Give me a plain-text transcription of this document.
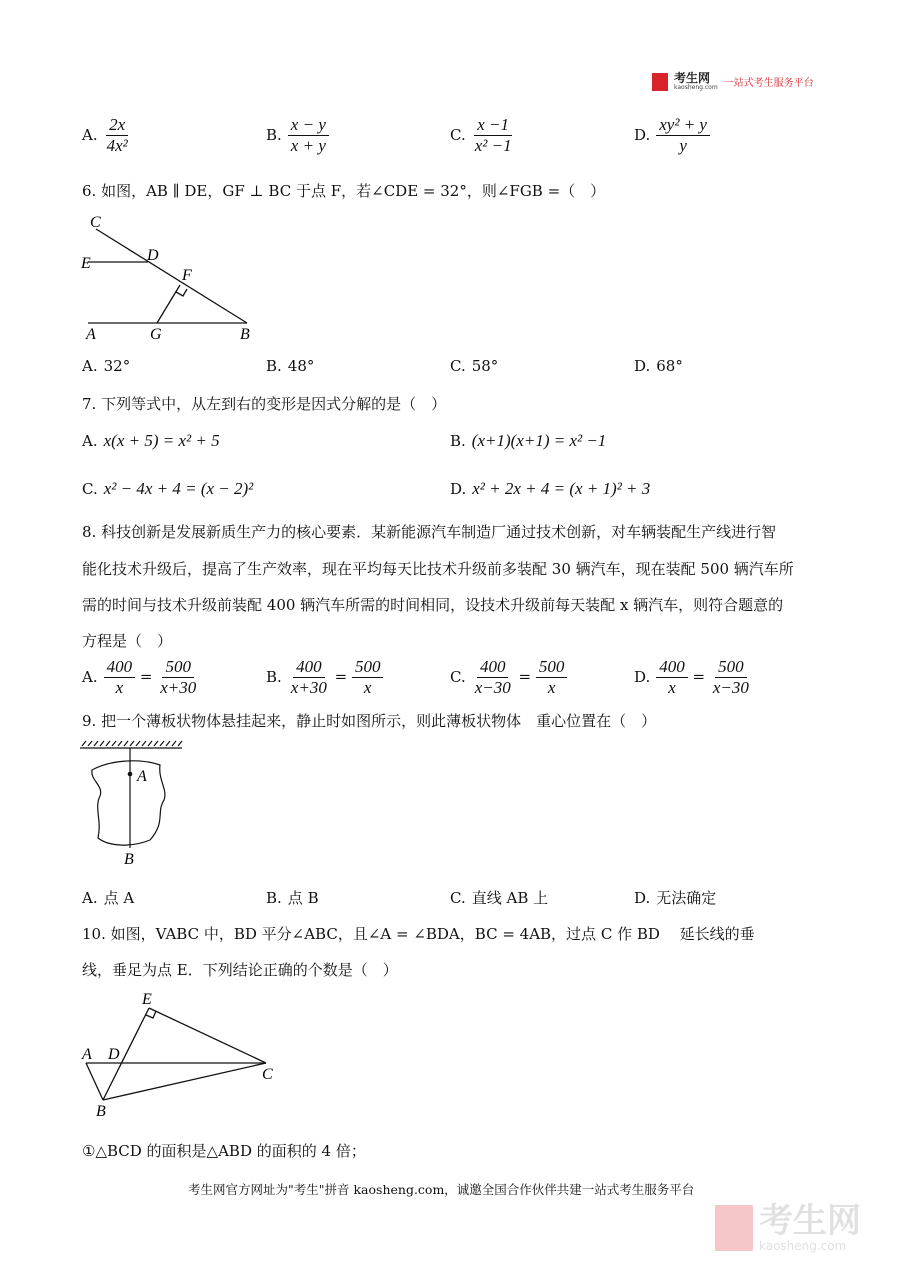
考生网
kaosheng.com 一站式考生服务平台
A. $\frac{2x}{\text{4x²}}$	B. $\frac{x - y}{x + y}$	C. $\frac{x -1}{\text{x² −1}}$	D. $\frac{\text{xy² + y}}{y}$
6. 如图，AB ∥ DE，GF ⊥ BC 于点 F，若∠CDE = 32°，则∠FGB =（　）
C
E	D
F
A	G	B
A
B
E
A D
C
B
A. 32°	B. 48°	C. 58°	D. 68°
7. 下列等式中，从左到右的变形是因式分解的是（　）
A. x(x + 5) = x² + 5	B. (x+1)(x+1) = x² −1
C. x² − 4x + 4 = (x − 2)²	D. x² + 2x + 4 = (x + 1)² + 3
8. 科技创新是发展新质生产力的核心要素．某新能源汽车制造厂通过技术创新，对车辆装配生产线进行智
能化技术升级后，提高了生产效率，现在平均每天比技术升级前多装配 30 辆汽车，现在装配 500 辆汽车所
需的时间与技术升级前装配 400 辆汽车所需的时间相同，设技术升级前每天装配 x 辆汽车，则符合题意的
方程是（　）
A. $\frac{400}{x} = \frac{500}{x+30}$	B. $\frac{400}{x+30} = \frac{500}{x}$	C. $\frac{400}{x-30} = \frac{500}{x}$	D. $\frac{400}{x} = \frac{500}{x-30}$
9. 把一个薄板状物体悬挂起来，静止时如图所示，则此薄板状物体　重心位置在（　）
A. 点 A	B. 点 B	C. 直线 AB 上	D. 无法确定
10. 如图，VABC 中，BD 平分∠ABC，且∠A = ∠BDA，BC = 4AB，过点 C 作 BD　 延长线的垂
线，垂足为点 E．下列结论正确的个数是（　）
①△BCD 的面积是△ABD 的面积的 4 倍；
考生网官方网址为"考生"拼音 kaosheng.com，诚邀全国合作伙伴共建一站式考生服务平台
考生网
kaosheng.com
